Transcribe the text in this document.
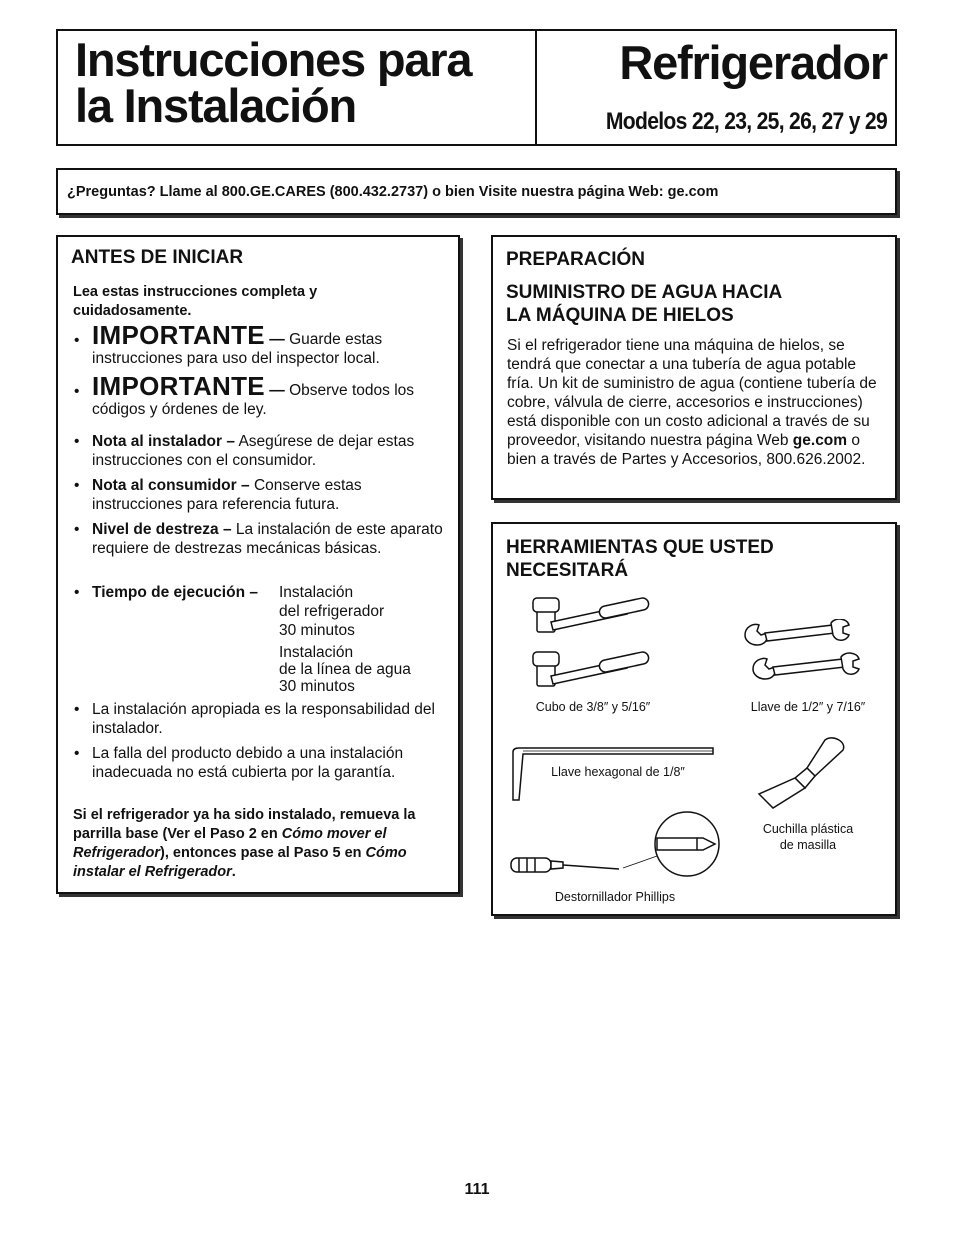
Instrucciones para
la Instalación
Refrigerador
Modelos 22, 23, 25, 26, 27 y 29
¿Preguntas? Llame al 800.GE.CARES (800.432.2737) o bien Visite nuestra página Web: ge.com
ANTES DE INICIAR
Lea estas instrucciones completa y cuidadosamente.
• IMPORTANTE — Guarde estas instrucciones para uso del inspector local.
• IMPORTANTE — Observe todos los códigos y órdenes de ley.
• Nota al instalador – Asegúrese de dejar estas instrucciones con el consumidor.
• Nota al consumidor – Conserve estas instrucciones para referencia futura.
• Nivel de destreza – La instalación de este aparato requiere de destrezas mecánicas básicas.
• Tiempo de ejecución –	Instalación
del refrigerador
30 minutos
Instalación
de la línea de agua
30 minutos
• La instalación apropiada es la responsabilidad del instalador.
• La falla del producto debido a una instalación inadecuada no está cubierta por la garantía.
Si el refrigerador ya ha sido instalado, remueva la parrilla base (Ver el Paso 2 en Cómo mover el Refrigerador), entonces pase al Paso 5 en Cómo instalar el Refrigerador.
PREPARACIÓN
SUMINISTRO DE AGUA HACIA
LA MÁQUINA DE HIELOS
Si el refrigerador tiene una máquina de hielos, se tendrá que conectar a una tubería de agua potable fría. Un kit de suministro de agua (contiene tubería de cobre, válvula de cierre, accesorios e instrucciones) está disponible con un costo adicional a través de su proveedor, visitando nuestra página Web ge.com o bien a través de Partes y Accesorios, 800.626.2002.
HERRAMIENTAS QUE USTED NECESITARÁ
Cubo de 3/8″ y 5/16″	Llave de 1/2″ y 7/16″
Llave hexagonal de 1/8″
Cuchilla plástica
de masilla
Destornillador Phillips
111
